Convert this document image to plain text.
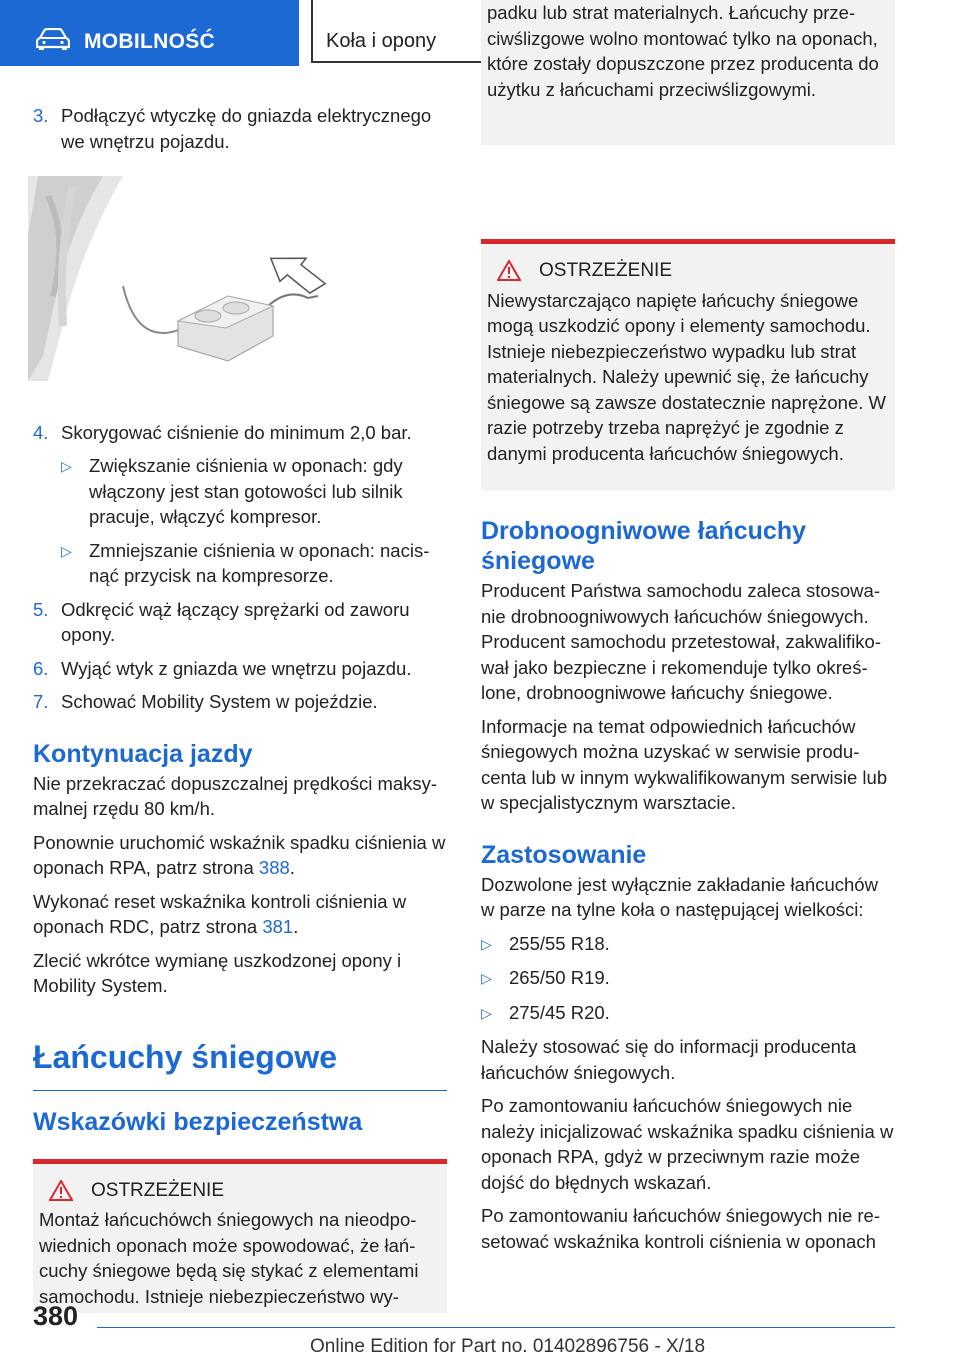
MOBILNOŚĆ	Koła i opony
3. Podłączyć wtyczkę do gniazda elektrycznego we wnętrzu pojazdu.
4. Skorygować ciśnienie do minimum 2,0 bar.
▷ Zwiększanie ciśnienia w oponach: gdy włączony jest stan gotowości lub silnik pracuje, włączyć kompresor.
▷ Zmniejszanie ciśnienia w oponach: nacisnąć przycisk na kompresorze.
5. Odkręcić wąż łączący sprężarki od zaworu opony.
6. Wyjąć wtyk z gniazda we wnętrzu pojazdu.
7. Schować Mobility System w pojeździe.
Kontynuacja jazdy

Nie przekraczać dopuszczalnej prędkości maksymalnej rzędu 80 km/h.

Ponownie uruchomić wskaźnik spadku ciśnienia w oponach RPA, patrz strona 388.

Wykonać reset wskaźnika kontroli ciśnienia w oponach RDC, patrz strona 381.

Zlecić wkrótce wymianę uszkodzonej opony i Mobility System.

Łańcuchy śniegowe
Wskazówki bezpieczeństwa
OSTRZEŻENIE
Montaż łańcuchówch śniegowych na nieodpowiednich oponach może spowodować, że łańcuchy śniegowe będą się stykać z elementami samochodu. Istnieje niebezpieczeństwo wy-
padku lub strat materialnych. Łańcuchy przeciwślizgowe wolno montować tylko na oponach, które zostały dopuszczone przez producenta do użytku z łańcuchami przeciwślizgowymi.
OSTRZEŻENIE
Niewystarczająco napięte łańcuchy śniegowe mogą uszkodzić opony i elementy samochodu. Istnieje niebezpieczeństwo wypadku lub strat materialnych. Należy upewnić się, że łańcuchy śniegowe są zawsze dostatecznie naprężone. W razie potrzeby trzeba naprężyć je zgodnie z danymi producenta łańcuchów śniegowych.
Drobnoogniwowe łańcuchy śniegowe

Producent Państwa samochodu zaleca stosowanie drobnoogniwowych łańcuchów śniegowych. Producent samochodu przetestował, zakwalifikował jako bezpieczne i rekomenduje tylko określone, drobnoogniwowe łańcuchy śniegowe.

Informacje na temat odpowiednich łańcuchów śniegowych można uzyskać w serwisie producenta lub w innym wykwalifikowanym serwisie lub w specjalistycznym warsztacie.

Zastosowanie

Dozwolone jest wyłącznie zakładanie łańcuchów w parze na tylne koła o następującej wielkości:

▷ 255/55 R18.
▷ 265/50 R19.
▷ 275/45 R20.

Należy stosować się do informacji producenta łańcuchów śniegowych.

Po zamontowaniu łańcuchów śniegowych nie należy inicjalizować wskaźnika spadku ciśnienia w oponach RPA, gdyż w przeciwnym razie może dojść do błędnych wskazań.

Po zamontowaniu łańcuchów śniegowych nie resetować wskaźnika kontroli ciśnienia w oponach

380
Online Edition for Part no. 01402896756 - X/18
